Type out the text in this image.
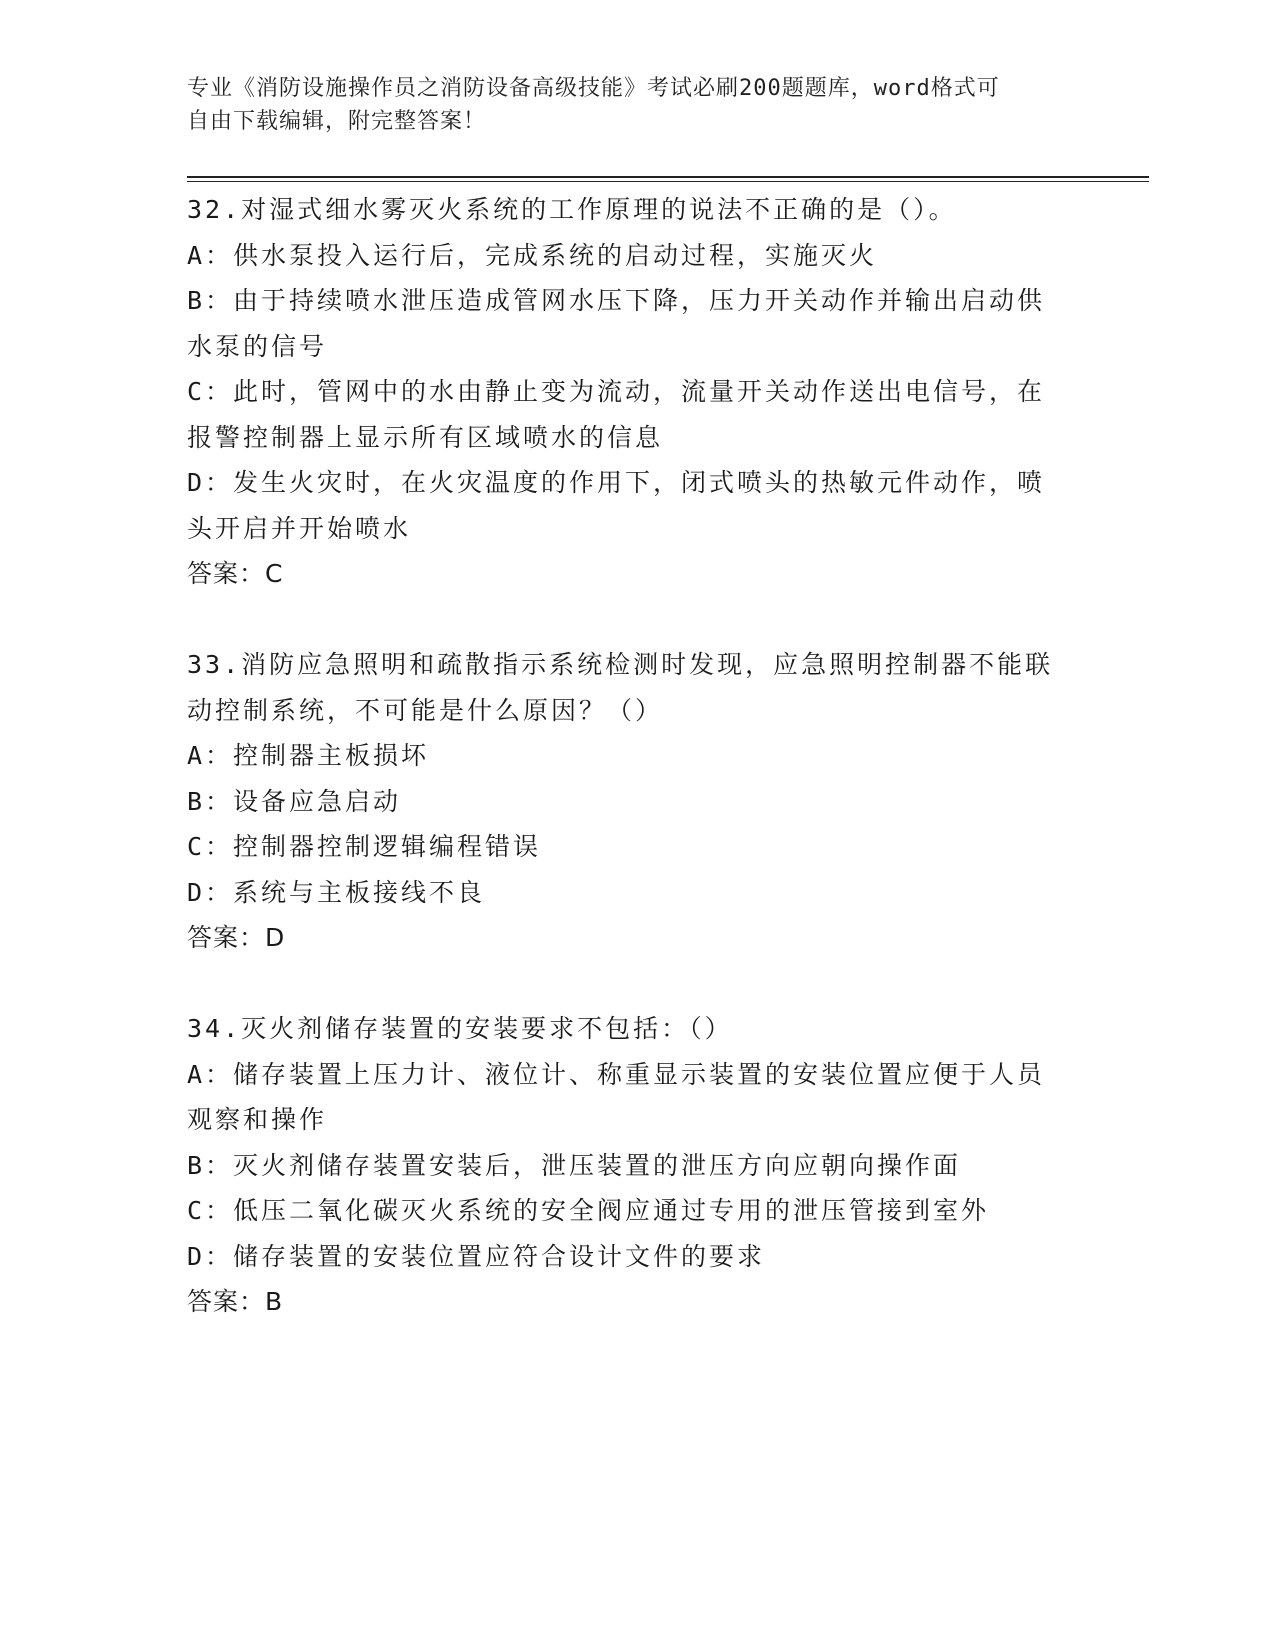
专业《消防设施操作员之消防设备高级技能》考试必刷200题题库，word格式可
自由下载编辑，附完整答案！
32.对湿式细水雾灭火系统的工作原理的说法不正确的是（）。
A：供水泵投入运行后，完成系统的启动过程，实施灭火
B：由于持续喷水泄压造成管网水压下降，压力开关动作并输出启动供
水泵的信号
C：此时，管网中的水由静止变为流动，流量开关动作送出电信号，在
报警控制器上显示所有区域喷水的信息
D：发生火灾时，在火灾温度的作用下，闭式喷头的热敏元件动作，喷
头开启并开始喷水
答案：C
33.消防应急照明和疏散指示系统检测时发现，应急照明控制器不能联
动控制系统，不可能是什么原因？（）
A：控制器主板损坏
B：设备应急启动
C：控制器控制逻辑编程错误
D：系统与主板接线不良
答案：D
34.灭火剂储存装置的安装要求不包括：（）
A：储存装置上压力计、液位计、称重显示装置的安装位置应便于人员
观察和操作
B：灭火剂储存装置安装后，泄压装置的泄压方向应朝向操作面
C：低压二氧化碳灭火系统的安全阀应通过专用的泄压管接到室外
D：储存装置的安装位置应符合设计文件的要求
答案：B
